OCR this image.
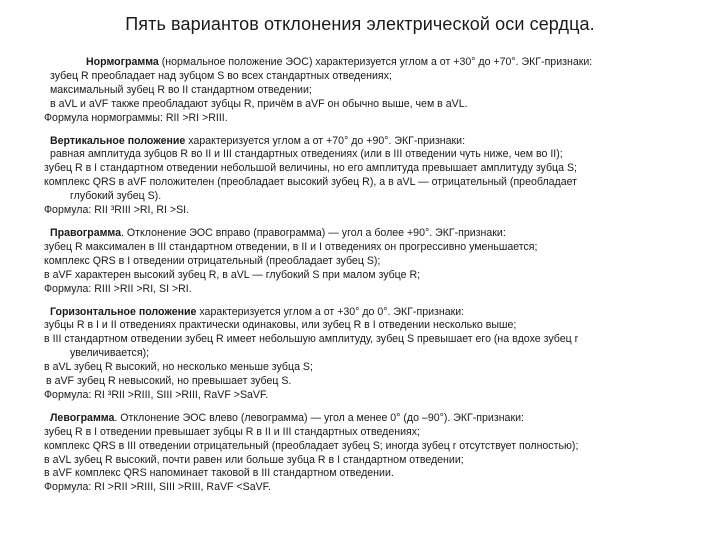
Пять вариантов отклонения электрической оси сердца.
Нормограмма (нормальное положение ЭОС) характеризуется углом a от +30° до +70°. ЭКГ-признаки:
зубец R преобладает над зубцом S во всех стандартных отведениях;
максимальный зубец R во II стандартном отведении;
в aVL и aVF также преобладают зубцы R, причём в aVF он обычно выше, чем в aVL.
Формула нормограммы: RII >RI >RIII.
Вертикальное положение характеризуется углом a от +70° до +90°. ЭКГ-признаки:
равная амплитуда зубцов R во II и III стандартных отведениях (или в III отведении чуть ниже, чем во II);
зубец R в I стандартном отведении небольшой величины, но его амплитуда превышает амплитуду зубца S;
комплекс QRS в aVF положителен (преобладает высокий зубец R), а в aVL — отрицательный (преобладает
глубокий зубец S).
Формула: RII ³RIII >RI, RI >SI.
Правограмма. Отклонение ЭОС вправо (правограмма) — угол a более +90°. ЭКГ-признаки:
зубец R максимален в III стандартном отведении, в II и I отведениях он прогрессивно уменьшается;
комплекс QRS в I отведении отрицательный (преобладает зубец S);
в aVF характерен высокий зубец R, в aVL — глубокий S при малом зубце R;
Формула: RIII >RII >RI, SI >RI.
Горизонтальное положение характеризуется углом a от +30° до 0°. ЭКГ-признаки:
зубцы R в I и II отведениях практически одинаковы, или зубец R в I отведении несколько выше;
в III стандартном отведении зубец R имеет небольшую амплитуду, зубец S превышает его (на вдохе зубец r
увеличивается);
в aVL зубец R высокий, но несколько меньше зубца S;
в aVF зубец R невысокий, но превышает зубец S.
Формула: RI ³RII >RIII, SIII >RIII, RaVF >SaVF.
Левограмма. Отклонение ЭОС влево (левограмма) — угол a менее 0° (до –90°). ЭКГ-признаки:
зубец R в I отведении превышает зубцы R в II и III стандартных отведениях;
комплекс QRS в III отведении отрицательный (преобладает зубец S; иногда зубец r отсутствует полностью);
в aVL зубец R высокий, почти равен или больше зубца R в I стандартном отведении;
в aVF комплекс QRS напоминает таковой в III стандартном отведении.
Формула: RI >RII >RIII, SIII >RIII, RaVF <SaVF.
